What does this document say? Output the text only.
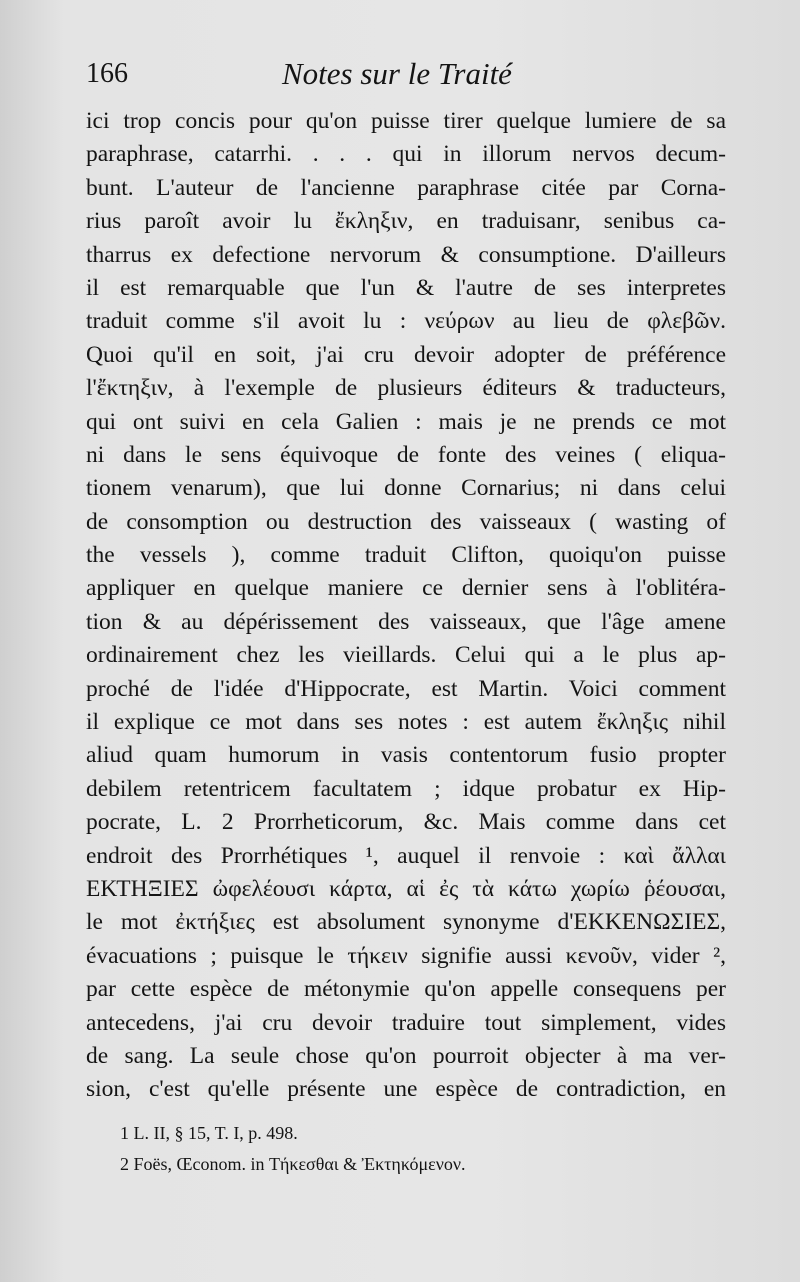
166	Notes sur le Traité
ici trop concis pour qu'on puisse tirer quelque lumiere de sa
paraphrase, catarrhi. . . . qui in illorum nervos decum-
bunt. L'auteur de l'ancienne paraphrase citée par Corna-
rius paroît avoir lu ἔκληξιν, en traduisanr, senibus ca-
tharrus ex defectione nervorum & consumptione. D'ailleurs
il est remarquable que l'un & l'autre de ses interpretes
traduit comme s'il avoit lu : νεύρων au lieu de φλεβῶν.
Quoi qu'il en soit, j'ai cru devoir adopter de préférence
l'ἔκτηξιν, à l'exemple de plusieurs éditeurs & traducteurs,
qui ont suivi en cela Galien : mais je ne prends ce mot
ni dans le sens équivoque de fonte des veines ( eliqua-
tionem venarum), que lui donne Cornarius; ni dans celui
de consomption ou destruction des vaisseaux ( wasting of
the vessels ), comme traduit Clifton, quoiqu'on puisse
appliquer en quelque maniere ce dernier sens à l'oblitéra-
tion & au dépérissement des vaisseaux, que l'âge amene
ordinairement chez les vieillards. Celui qui a le plus ap-
proché de l'idée d'Hippocrate, est Martin. Voici comment
il explique ce mot dans ses notes : est autem ἔκληξις nihil
aliud quam humorum in vasis contentorum fusio propter
debilem retentricem facultatem ; idque probatur ex Hip-
pocrate, L. 2 Prorrheticorum, &c. Mais comme dans cet
endroit des Prorrhétiques ¹, auquel il renvoie : καὶ ἄλλαι
ΕΚΤΗΞΙΕΣ ὠφελέουσι κάρτα, αἱ ἐς τὰ κάτω χωρίω ῥέουσαι,
le mot ἐκτήξιες est absolument synonyme d'ΕΚΚΕΝΩΣΙΕΣ,
évacuations ; puisque le τήκειν signifie aussi κενοῦν, vider ²,
par cette espèce de métonymie qu'on appelle consequens per
antecedens, j'ai cru devoir traduire tout simplement, vides
de sang. La seule chose qu'on pourroit objecter à ma ver-
sion, c'est qu'elle présente une espèce de contradiction, en
1 L. II, § 15, T. I, p. 498.
2 Foës, Œconom. in Τήκεσθαι & Ἐκτηκόμενον.
